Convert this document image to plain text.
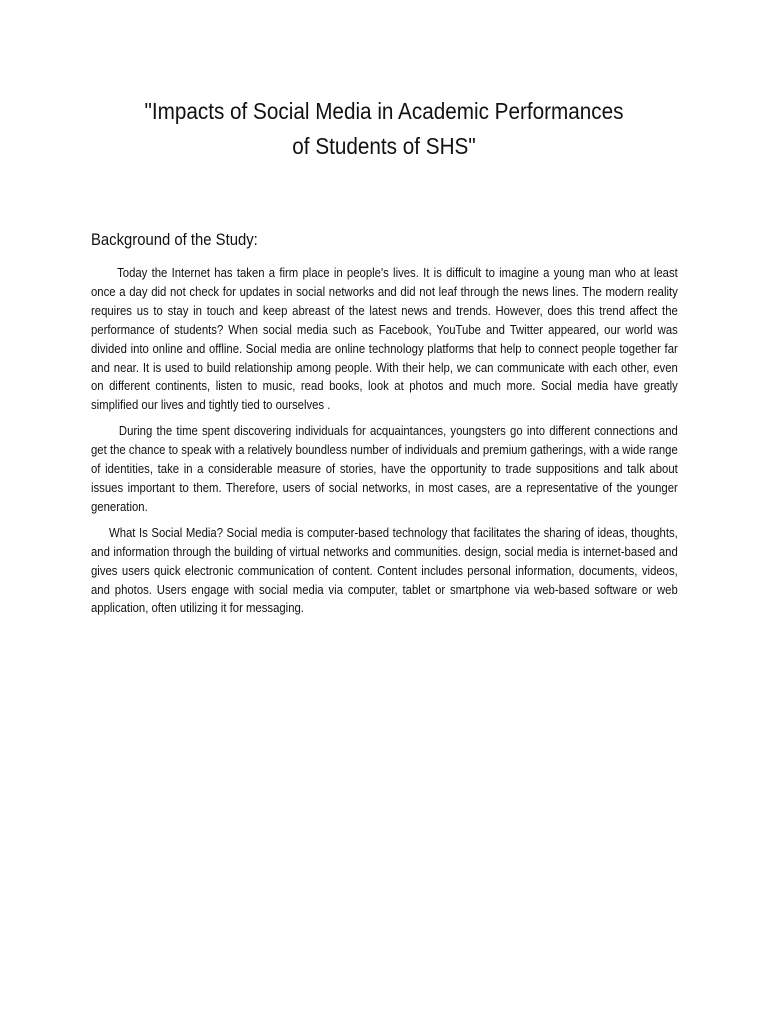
"Impacts of Social Media in Academic Performances
of Students of SHS"
Background of the Study:

Today the Internet has taken a firm place in people's lives. It is difficult to imagine a young man who at least once a day did not check for updates in social networks and did not leaf through the news lines. The modern reality requires us to stay in touch and keep abreast of the latest news and trends. However, does this trend affect the performance of students? When social media such as Facebook, YouTube and Twitter appeared, our world was divided into online and offline. Social media are online technology platforms that help to connect people together far and near. It is used to build relationship among people. With their help, we can communicate with each other, even on different continents, listen to music, read books, look at photos and much more. Social media have greatly simplified our lives and tightly tied to ourselves .

During the time spent discovering individuals for acquaintances, youngsters go into different connections and get the chance to speak with a relatively boundless number of individuals and premium gatherings, with a wide range of identities, take in a considerable measure of stories, have the opportunity to trade suppositions and talk about issues important to them. Therefore, users of social networks, in most cases, are a representative of the younger generation.

What Is Social Media? Social media is computer-based technology that facilitates the sharing of ideas, thoughts, and information through the building of virtual networks and communities. design, social media is internet-based and gives users quick electronic communication of content. Content includes personal information, documents, videos, and photos. Users engage with social media via computer, tablet or smartphone via web-based software or web application, often utilizing it for messaging.
